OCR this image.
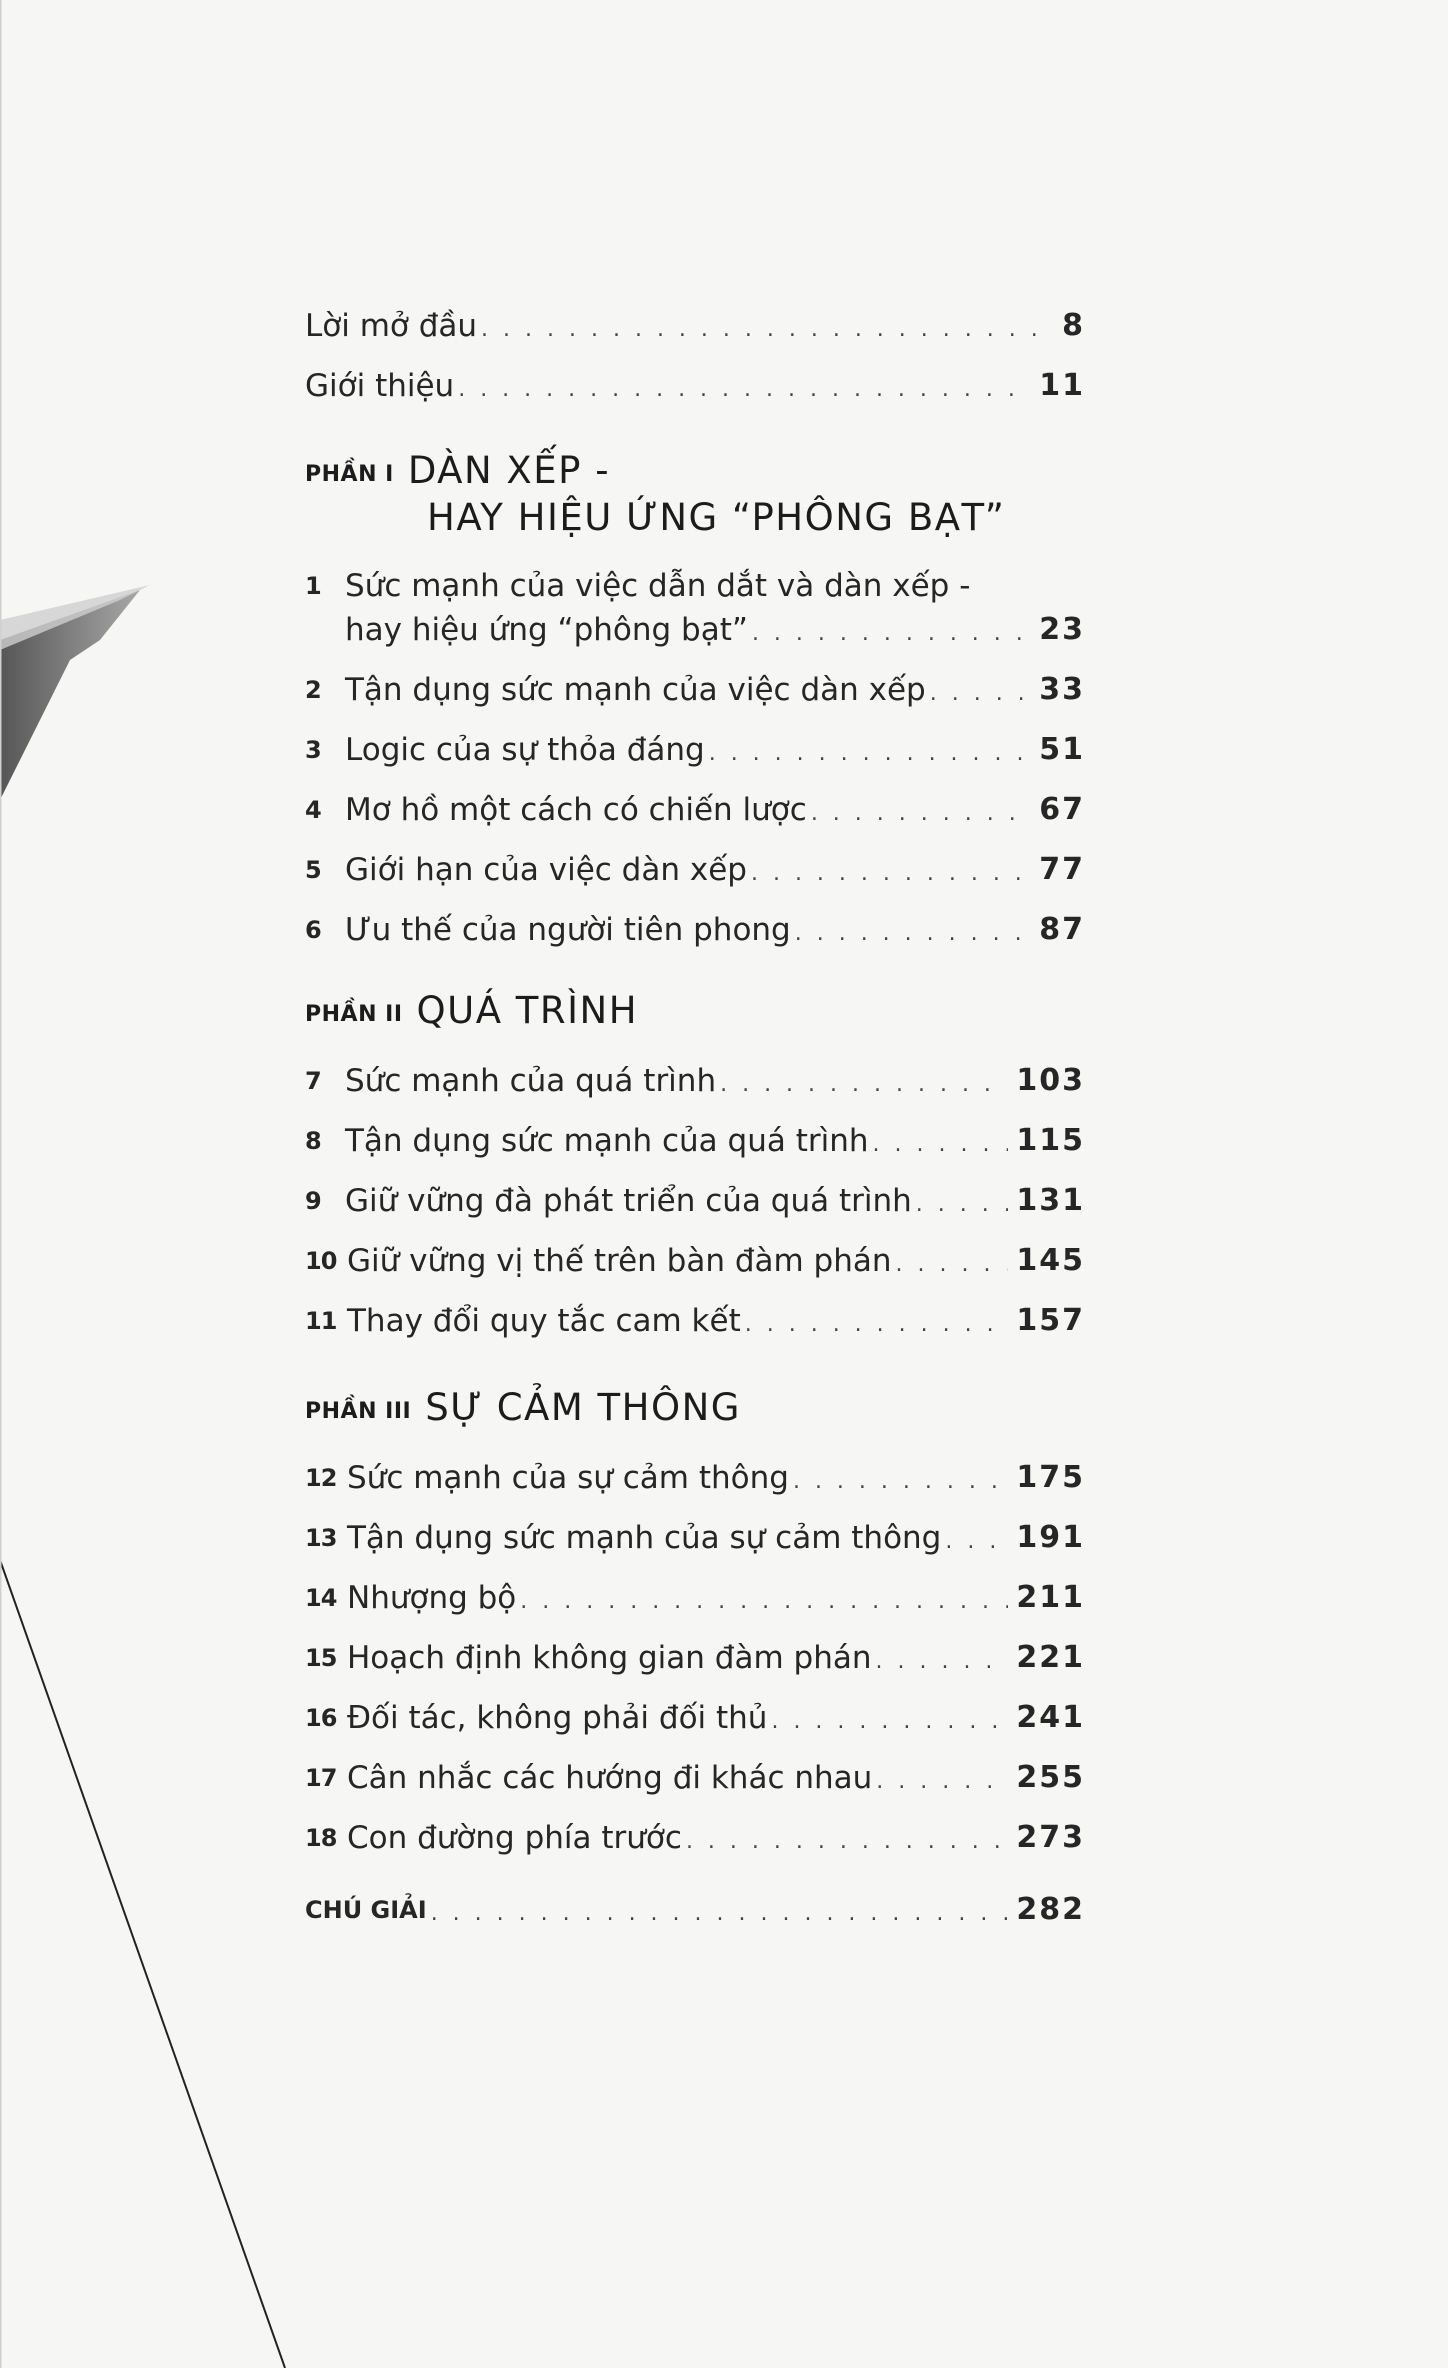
Lời mở đầu . . .	8
Giới thiệu . . .	11
PHẦN I DÀN XẾP -
HAY HIỆU ỨNG “PHÔNG BẠT”
1 Sức mạnh của việc dẫn dắt và dàn xếp -
hay hiệu ứng “phông bạt” . . .	23
2 Tận dụng sức mạnh của việc dàn xếp . . .	33
3 Logic của sự thỏa đáng . . .	51
4 Mơ hồ một cách có chiến lược . . .	67
5 Giới hạn của việc dàn xếp . . .	77
6 Ưu thế của người tiên phong . . .	87
PHẦN II QUÁ TRÌNH
7 Sức mạnh của quá trình . . .	103
8 Tận dụng sức mạnh của quá trình . . .	115
9 Giữ vững đà phát triển của quá trình . . .	131
10 Giữ vững vị thế trên bàn đàm phán . . .	145
11 Thay đổi quy tắc cam kết . . .	157
PHẦN III SỰ CẢM THÔNG
12 Sức mạnh của sự cảm thông . . .	175
13 Tận dụng sức mạnh của sự cảm thông . . .	191
14 Nhượng bộ . . .	211
15 Hoạch định không gian đàm phán . . .	221
16 Đối tác, không phải đối thủ . . .	241
17 Cân nhắc các hướng đi khác nhau . . .	255
18 Con đường phía trước . . .	273
CHÚ GIẢI . . .	282
